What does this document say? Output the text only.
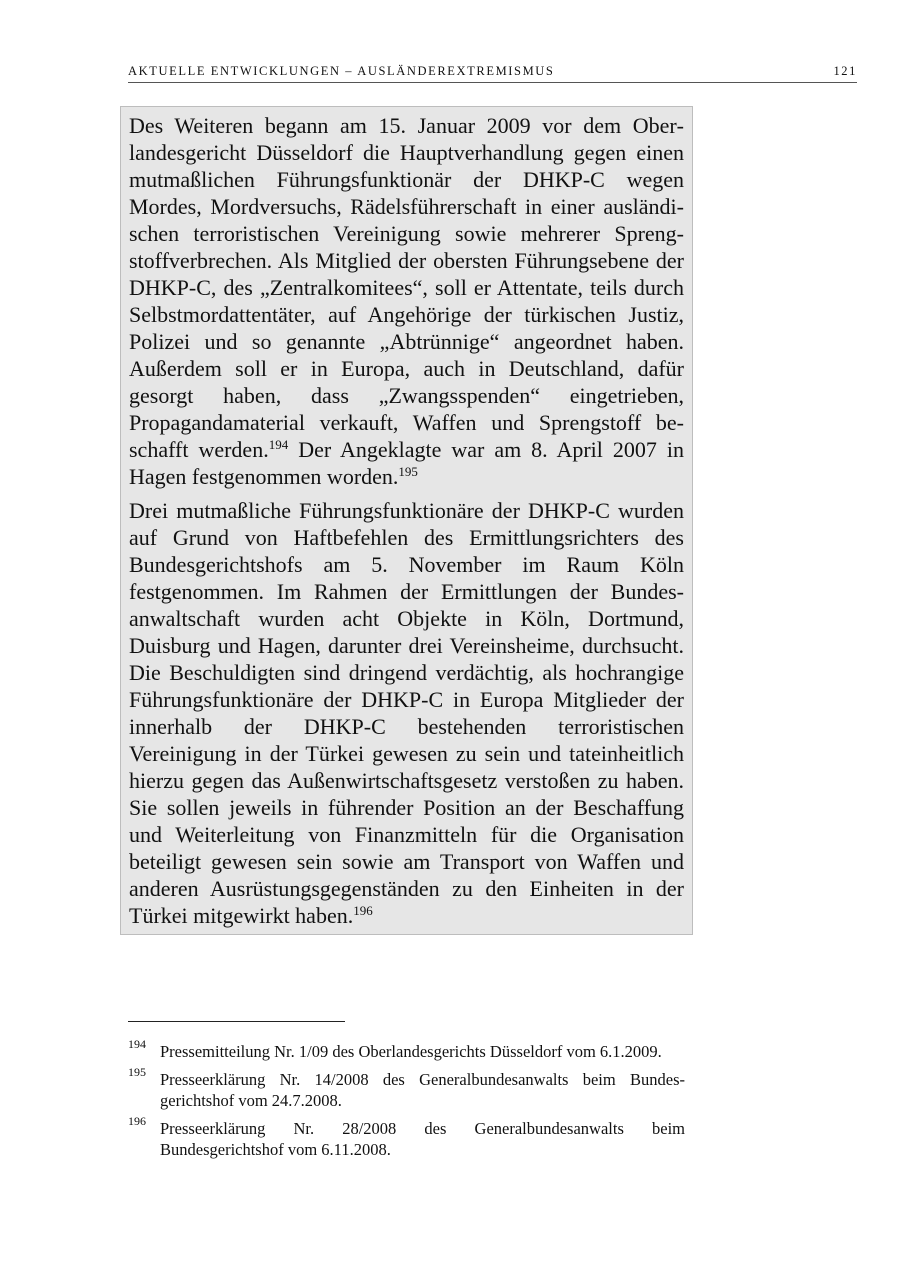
AKTUELLE ENTWICKLUNGEN – AUSLÄNDEREXTREMISMUS	121

Des Weiteren begann am 15. Januar 2009 vor dem Oberlandesgericht Düsseldorf die Hauptverhandlung gegen einen mutmaßlichen Führungsfunktionär der DHKP-C wegen Mordes, Mordversuchs, Rädelsführerschaft in einer ausländischen terroristischen Vereinigung sowie mehrerer Sprengstoffverbrechen. Als Mitglied der obersten Führungsebene der DHKP-C, des „Zentralkomitees“, soll er Attentate, teils durch Selbstmordattentäter, auf Angehörige der türkischen Justiz, Polizei und so genannte „Abtrünnige“ angeordnet haben. Außerdem soll er in Europa, auch in Deutschland, dafür gesorgt haben, dass „Zwangsspenden“ eingetrieben, Propagandamaterial verkauft, Waffen und Sprengstoff beschafft werden.$^{194}$ Der Angeklagte war am 8. April 2007 in Hagen festgenommen worden.$^{195}$

Drei mutmaßliche Führungsfunktionäre der DHKP-C wurden auf Grund von Haftbefehlen des Ermittlungsrichters des Bundesgerichtshofs am 5. November im Raum Köln festgenommen. Im Rahmen der Ermittlungen der Bundesanwaltschaft wurden acht Objekte in Köln, Dortmund, Duisburg und Hagen, darunter drei Vereinsheime, durchsucht. Die Beschuldigten sind dringend verdächtig, als hochrangige Führungsfunktionäre der DHKP-C in Europa Mitglieder der innerhalb der DHKP-C bestehenden terroristischen Vereinigung in der Türkei gewesen zu sein und tateinheitlich hierzu gegen das Außenwirtschaftsgesetz verstoßen zu haben. Sie sollen jeweils in führender Position an der Beschaffung und Weiterleitung von Finanzmitteln für die Organisation beteiligt gewesen sein sowie am Transport von Waffen und anderen Ausrüstungsgegenständen zu den Einheiten in der Türkei mitgewirkt haben.$^{196}$

194 Pressemitteilung Nr. 1/09 des Oberlandesgerichts Düsseldorf vom 6.1.2009.
195 Presseerklärung Nr. 14/2008 des Generalbundesanwalts beim Bundesgerichtshof vom 24.7.2008.
196 Presseerklärung Nr. 28/2008 des Generalbundesanwalts beim Bundesgerichtshof vom 6.11.2008.
